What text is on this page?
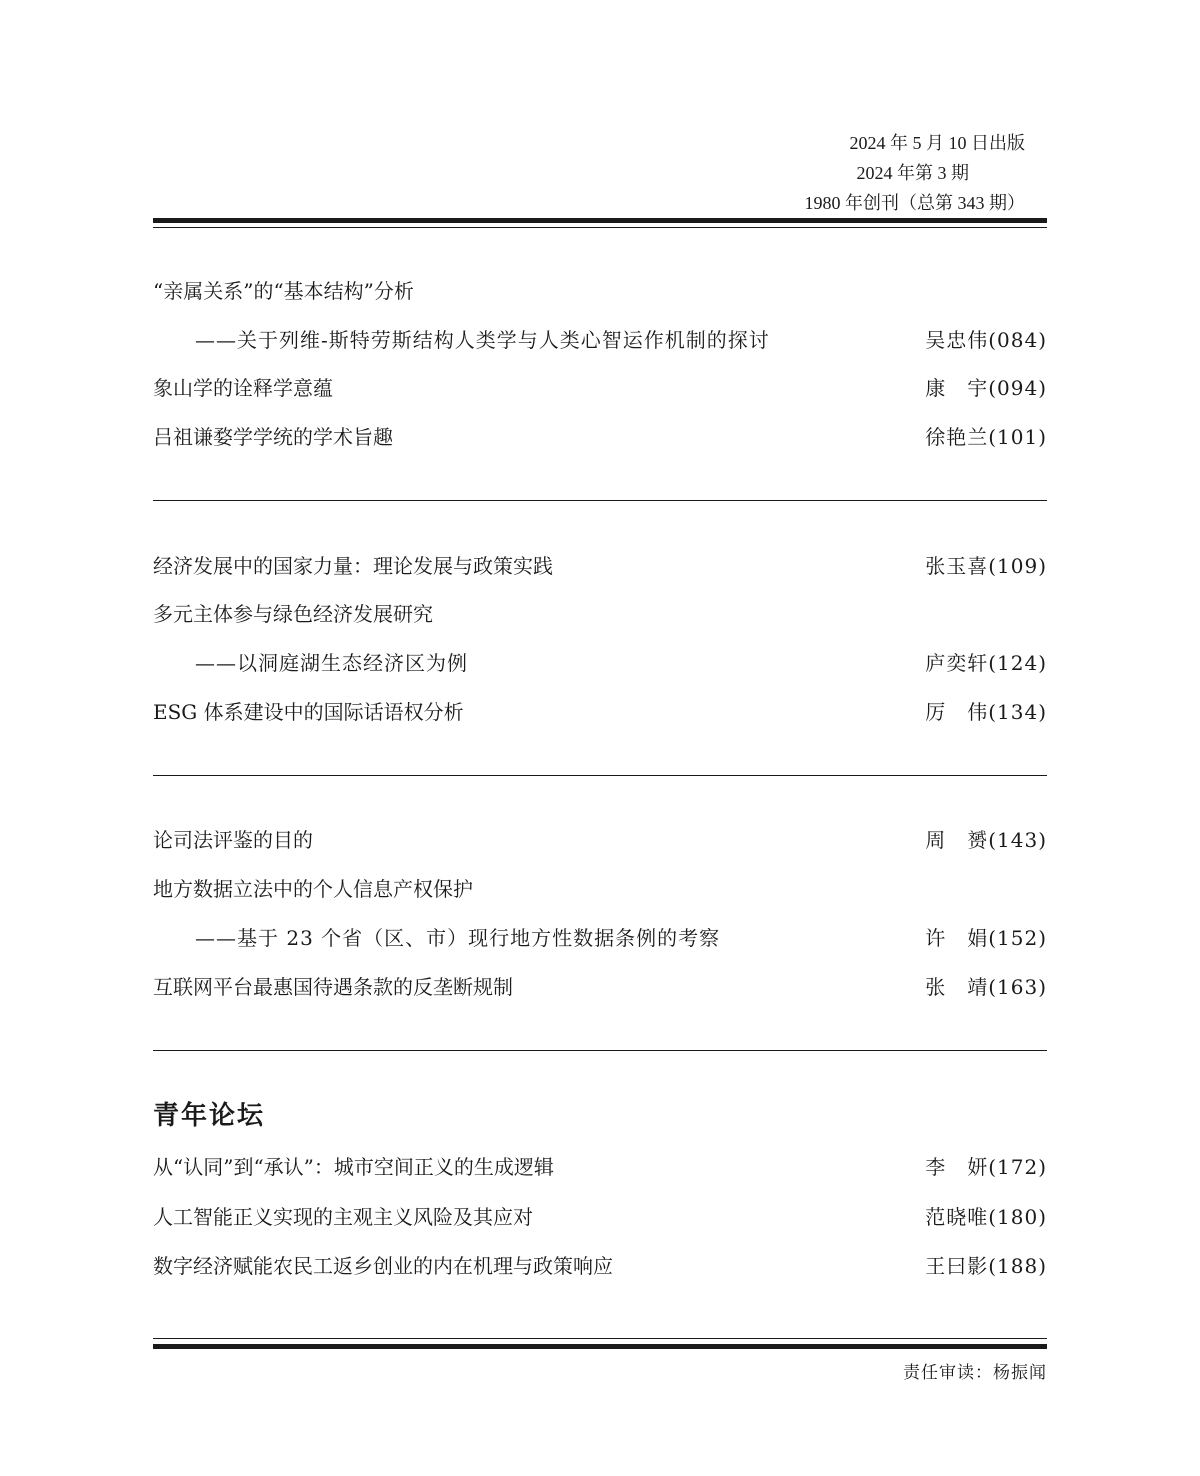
2024 年 5 月 10 日出版
2024 年第 3 期
1980 年创刊（总第 343 期）
“亲属关系”的“基本结构”分析
——关于列维-斯特劳斯结构人类学与人类心智运作机制的探讨	吴忠伟(084)
象山学的诠释学意蕴	康　宇(094)
吕祖谦婺学学统的学术旨趣	徐艳兰(101)
经济发展中的国家力量：理论发展与政策实践	张玉喜(109)
多元主体参与绿色经济发展研究
——以洞庭湖生态经济区为例	庐奕轩(124)
ESG 体系建设中的国际话语权分析	厉　伟(134)
论司法评鉴的目的	周　赟(143)
地方数据立法中的个人信息产权保护
——基于 23 个省（区、市）现行地方性数据条例的考察	许　娟(152)
互联网平台最惠国待遇条款的反垄断规制	张　靖(163)
青年论坛
从“认同”到“承认”：城市空间正义的生成逻辑	李　妍(172)
人工智能正义实现的主观主义风险及其应对	范晓唯(180)
数字经济赋能农民工返乡创业的内在机理与政策响应	王曰影(188)
责任审读：杨振闻
